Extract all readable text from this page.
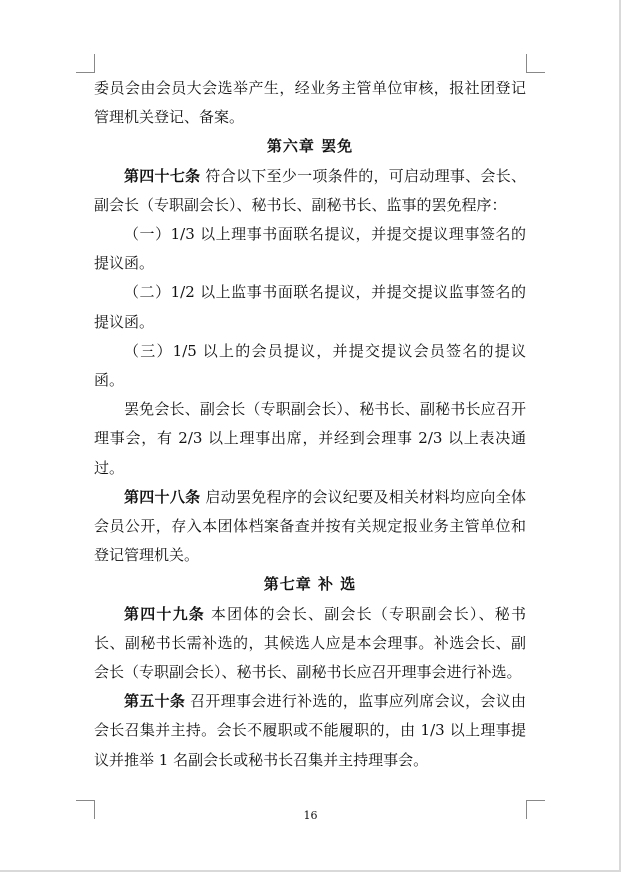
委员会由会员大会选举产生，经业务主管单位审核，报社团登记管理机关登记、备案。

第六章 罢免

第四十七条 符合以下至少一项条件的，可启动理事、会长、副会长（专职副会长）、秘书长、副秘书长、监事的罢免程序：

（一）1/3 以上理事书面联名提议，并提交提议理事签名的提议函。

（二）1/2 以上监事书面联名提议，并提交提议监事签名的提议函。

（三）1/5 以上的会员提议，并提交提议会员签名的提议函。

罢免会长、副会长（专职副会长）、秘书长、副秘书长应召开理事会，有 2/3 以上理事出席，并经到会理事 2/3 以上表决通过。

第四十八条 启动罢免程序的会议纪要及相关材料均应向全体会员公开，存入本团体档案备查并按有关规定报业务主管单位和登记管理机关。

第七章 补 选

第四十九条 本团体的会长、副会长（专职副会长）、秘书长、副秘书长需补选的，其候选人应是本会理事。补选会长、副会长（专职副会长）、秘书长、副秘书长应召开理事会进行补选。

第五十条 召开理事会进行补选的，监事应列席会议，会议由会长召集并主持。会长不履职或不能履职的，由 1/3 以上理事提议并推举 1 名副会长或秘书长召集并主持理事会。

16
